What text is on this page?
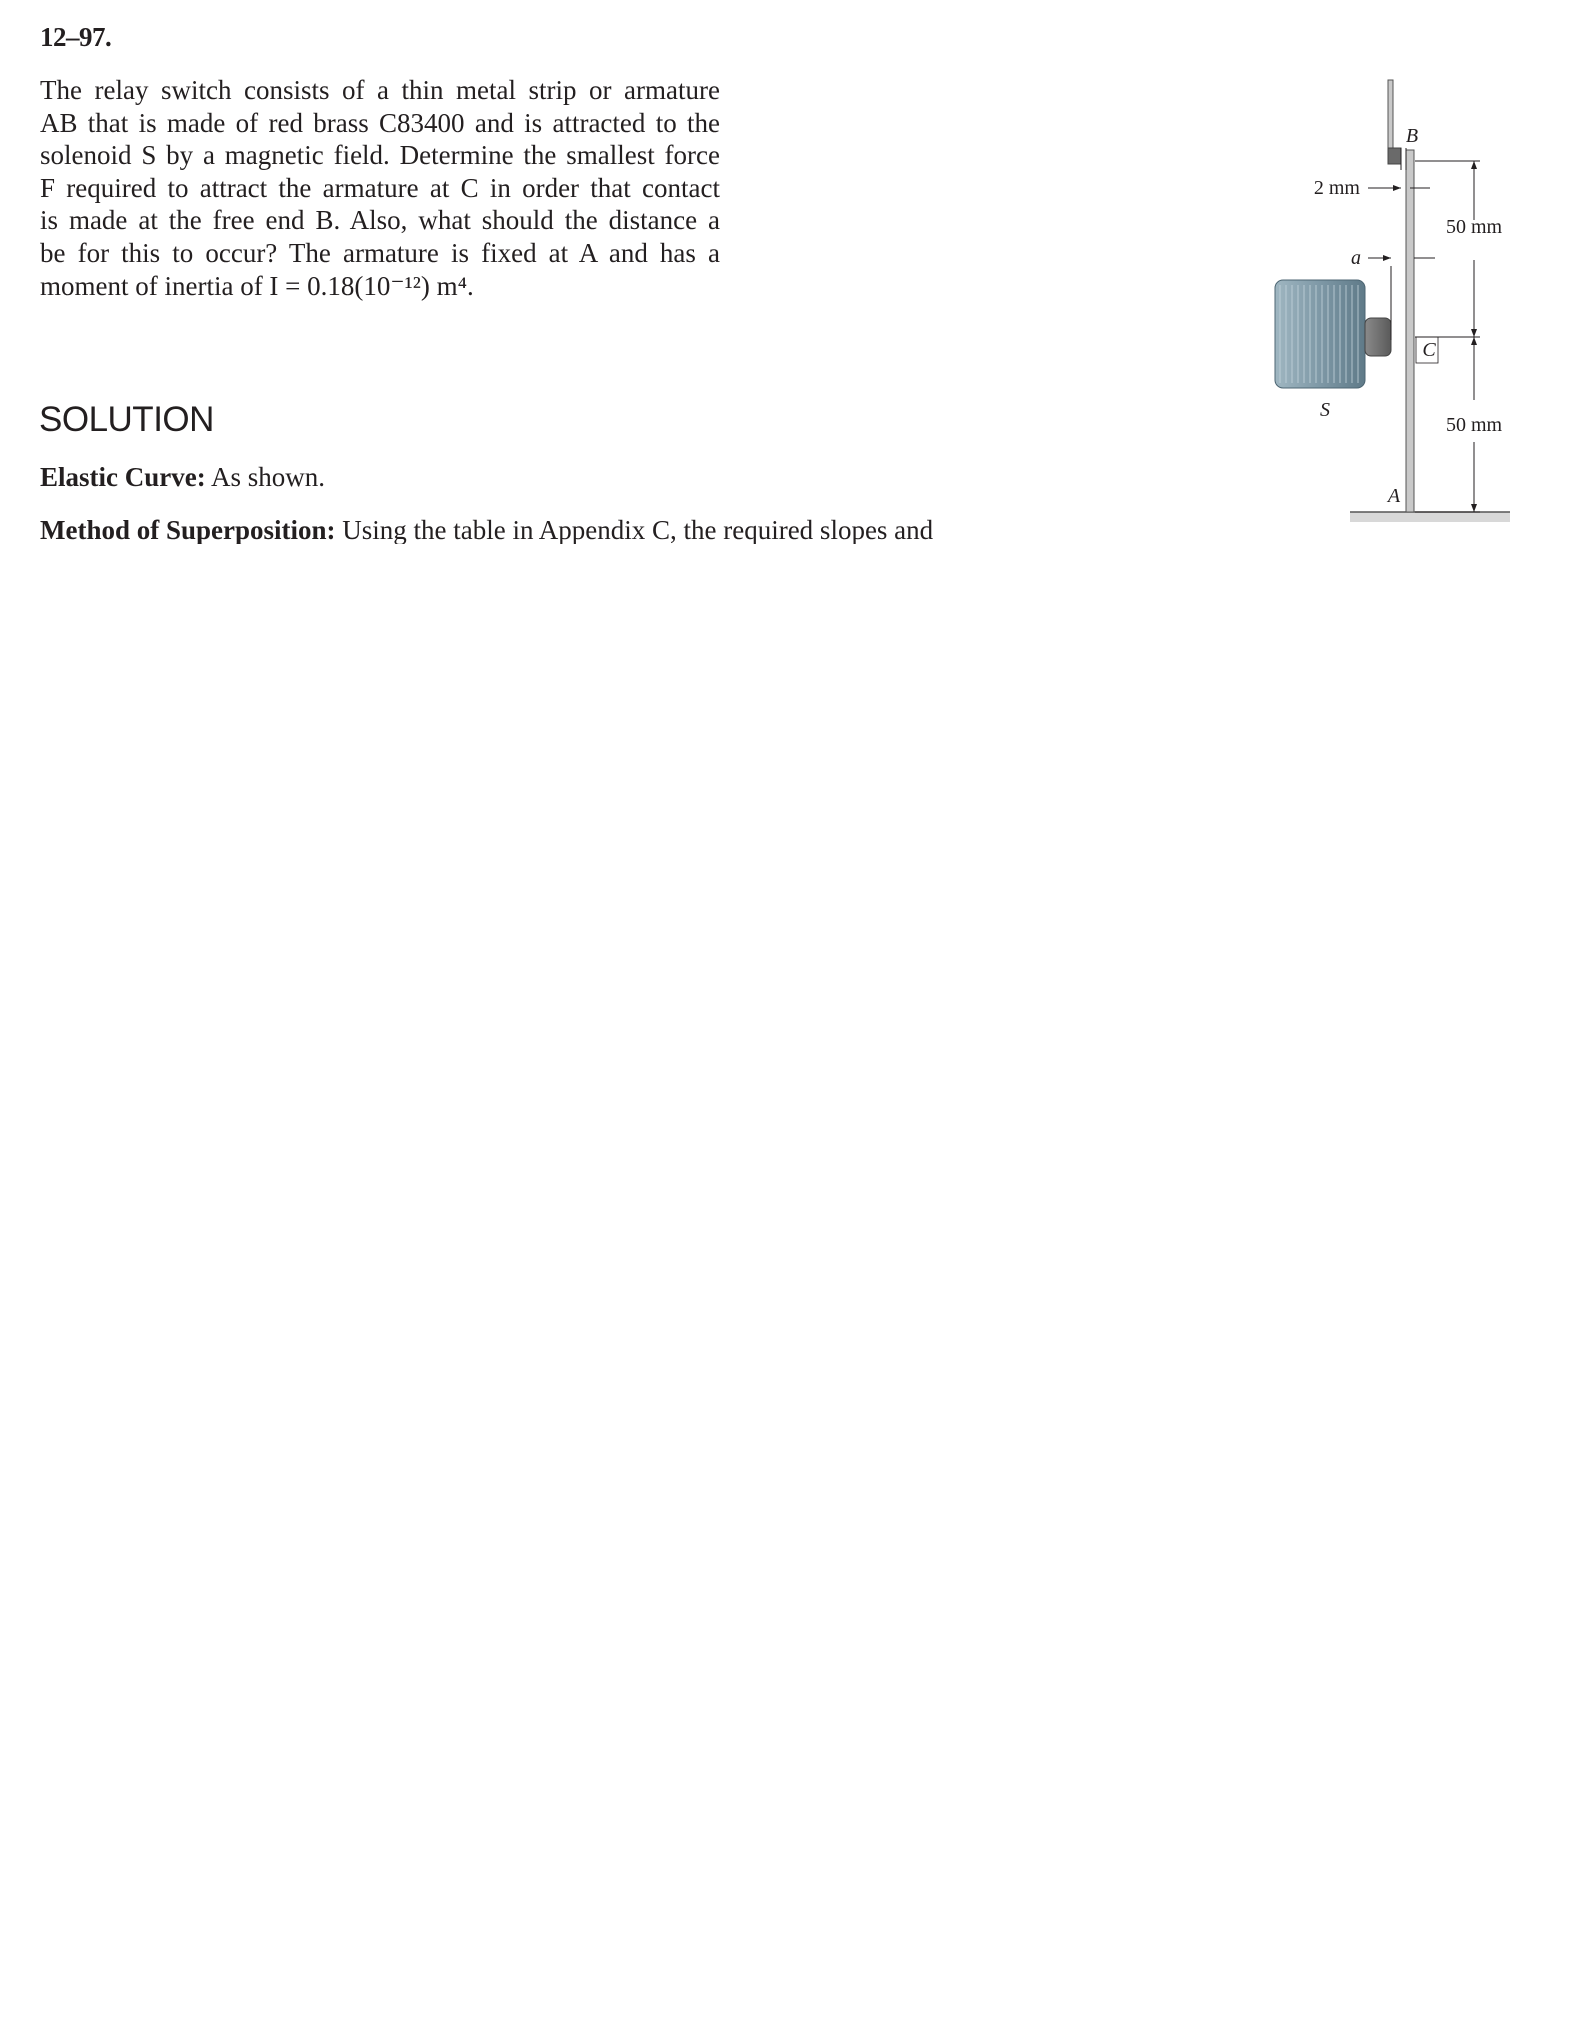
12–97.
The relay switch consists of a thin metal strip or armature
AB that is made of red brass C83400 and is attracted to the
solenoid S by a magnetic field. Determine the smallest force
F required to attract the armature at C in order that contact
is made at the free end B. Also, what should the distance a
be for this to occur? The armature is fixed at A and has a
moment of inertia of I = 0.18(10⁻¹²) m⁴.
SOLUTION
Elastic Curve: As shown.
Method of Superposition: Using the table in Appendix C, the required slopes and
B
C
A
S
a
2 mm
50 mm
50 mm
